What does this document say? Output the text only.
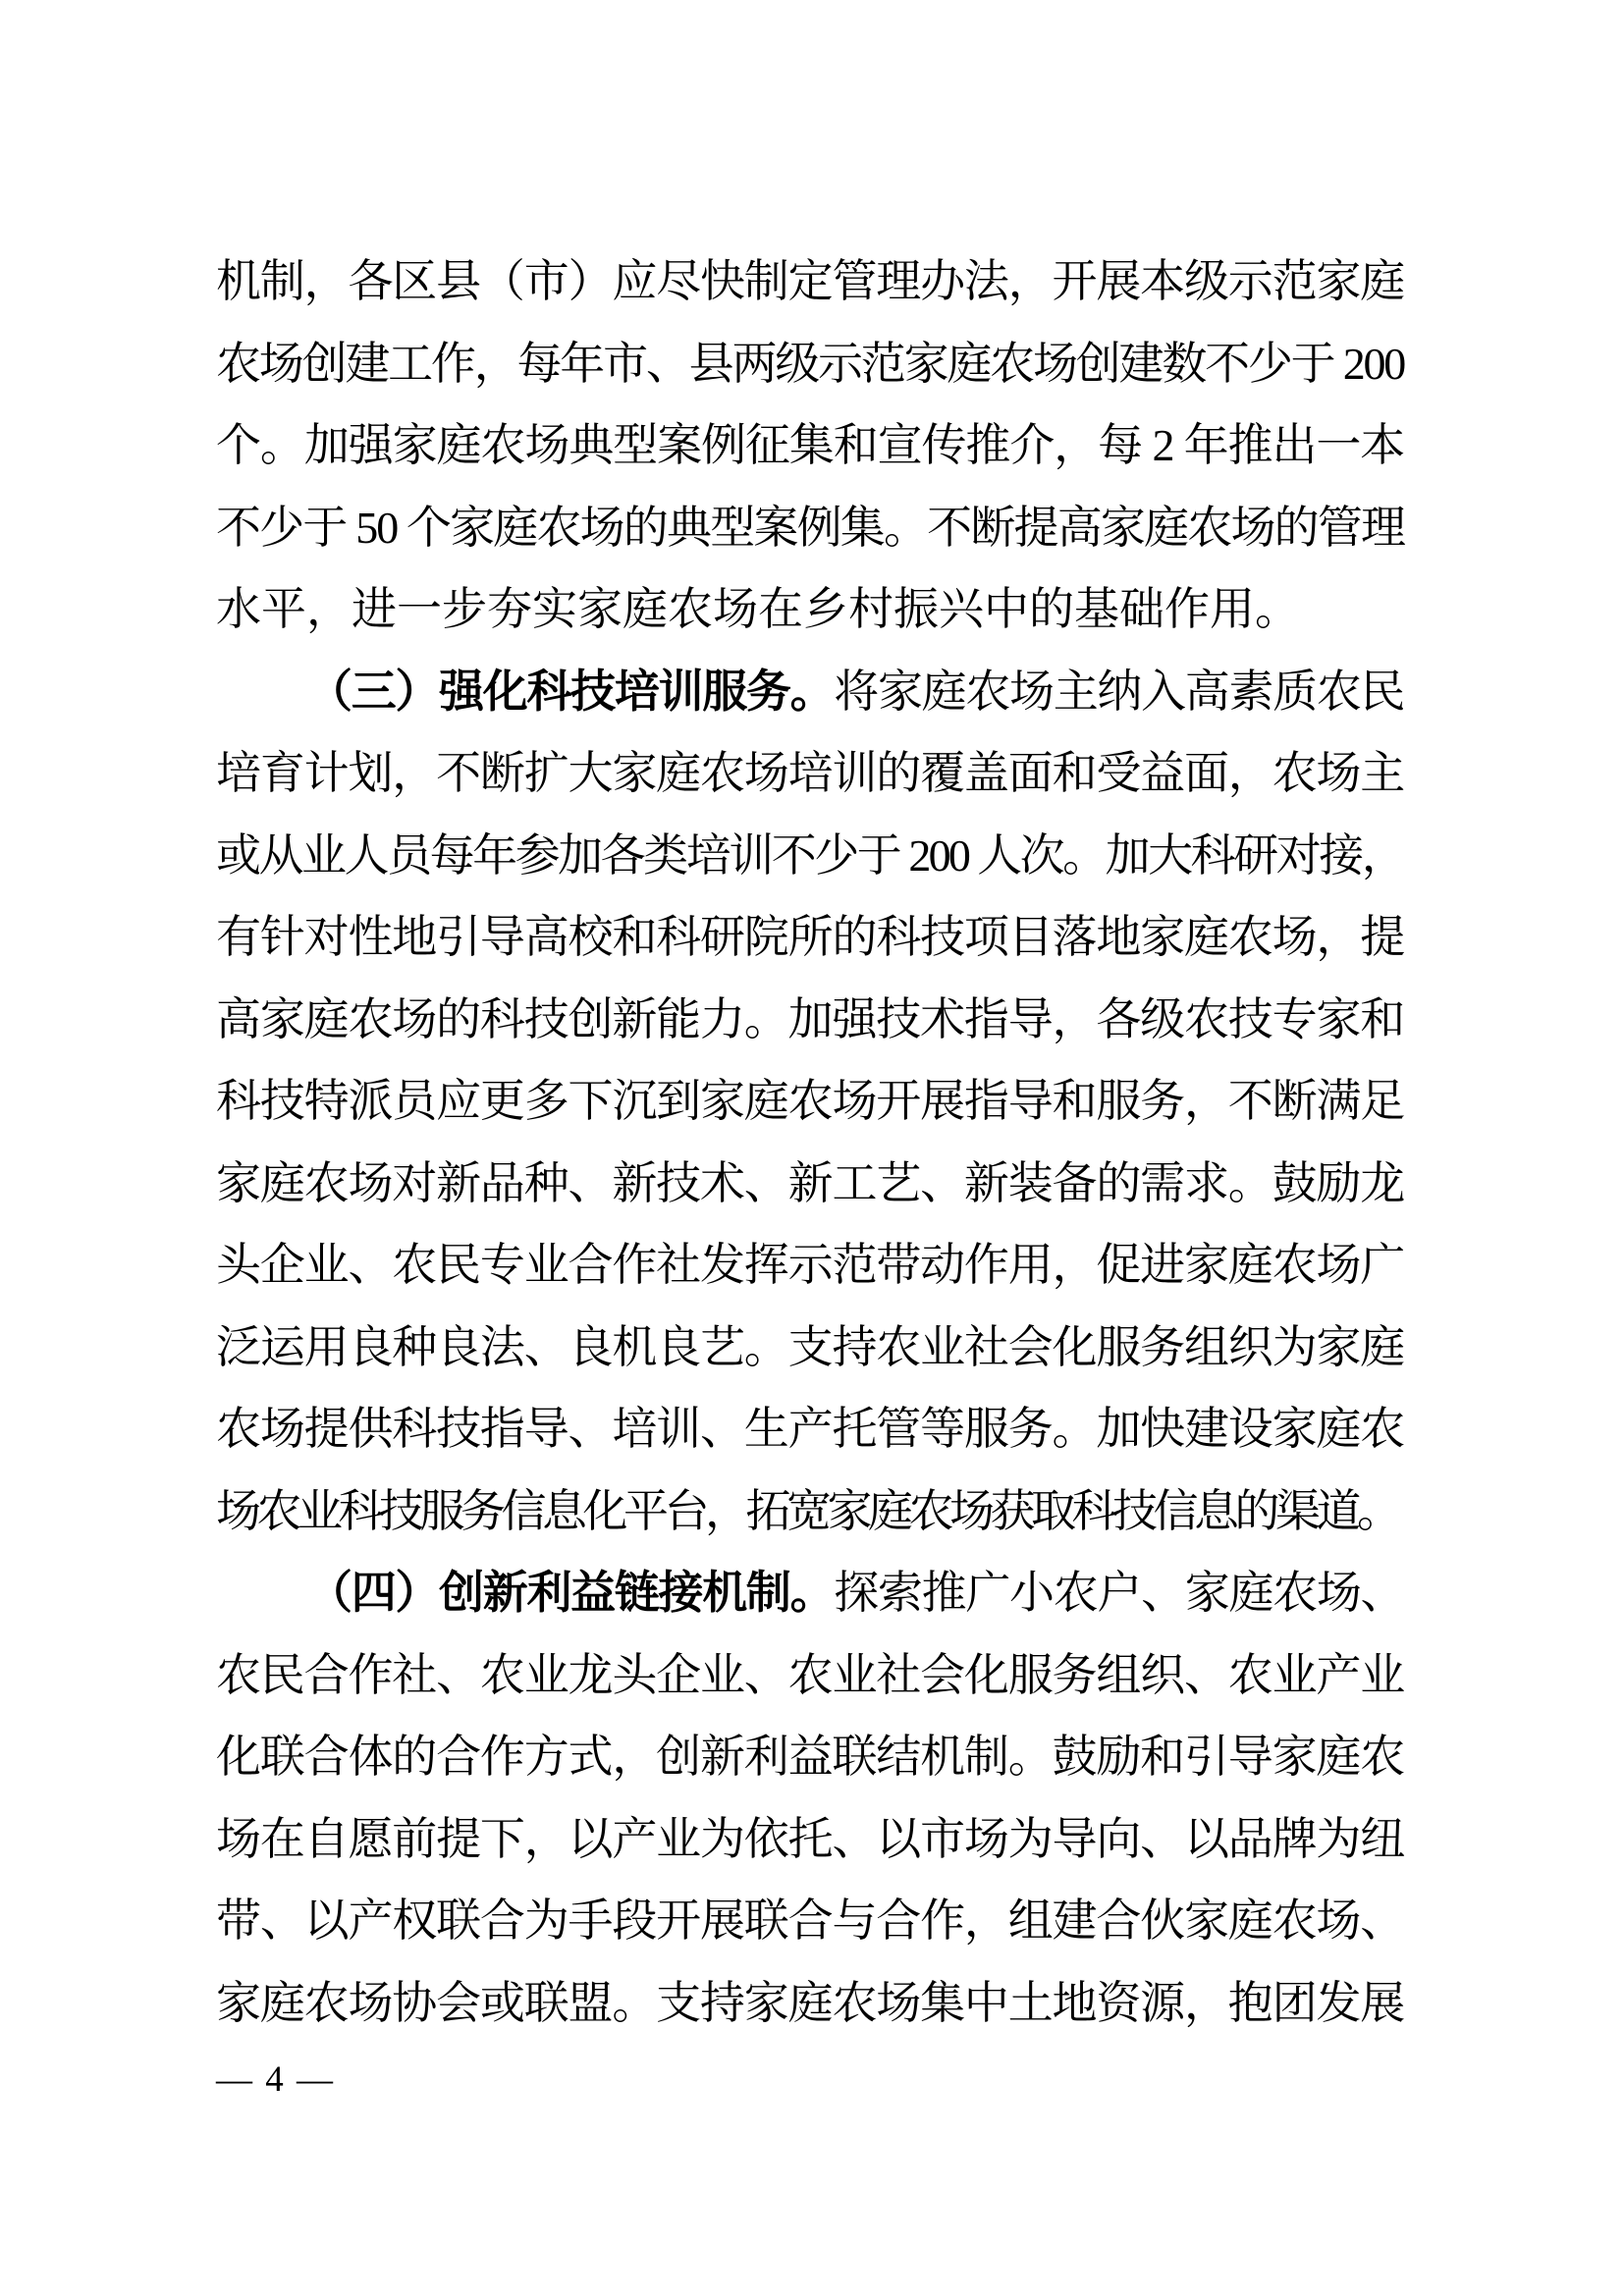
机制，各区县（市）应尽快制定管理办法，开展本级示范家庭
农场创建工作，每年市、县两级示范家庭农场创建数不少于 200
个。加强家庭农场典型案例征集和宣传推介，每 2 年推出一本
不少于 50 个家庭农场的典型案例集。不断提高家庭农场的管理
水平，进一步夯实家庭农场在乡村振兴中的基础作用。
（三）强化科技培训服务。将家庭农场主纳入高素质农民
培育计划，不断扩大家庭农场培训的覆盖面和受益面，农场主
或从业人员每年参加各类培训不少于 200 人次。加大科研对接，
有针对性地引导高校和科研院所的科技项目落地家庭农场，提
高家庭农场的科技创新能力。加强技术指导，各级农技专家和
科技特派员应更多下沉到家庭农场开展指导和服务，不断满足
家庭农场对新品种、新技术、新工艺、新装备的需求。鼓励龙
头企业、农民专业合作社发挥示范带动作用，促进家庭农场广
泛运用良种良法、良机良艺。支持农业社会化服务组织为家庭
农场提供科技指导、培训、生产托管等服务。加快建设家庭农
场农业科技服务信息化平台，拓宽家庭农场获取科技信息的渠道。
（四）创新利益链接机制。探索推广小农户、家庭农场、
农民合作社、农业龙头企业、农业社会化服务组织、农业产业
化联合体的合作方式，创新利益联结机制。鼓励和引导家庭农
场在自愿前提下，以产业为依托、以市场为导向、以品牌为纽
带、以产权联合为手段开展联合与合作，组建合伙家庭农场、
家庭农场协会或联盟。支持家庭农场集中土地资源，抱团发展
— 4 —
